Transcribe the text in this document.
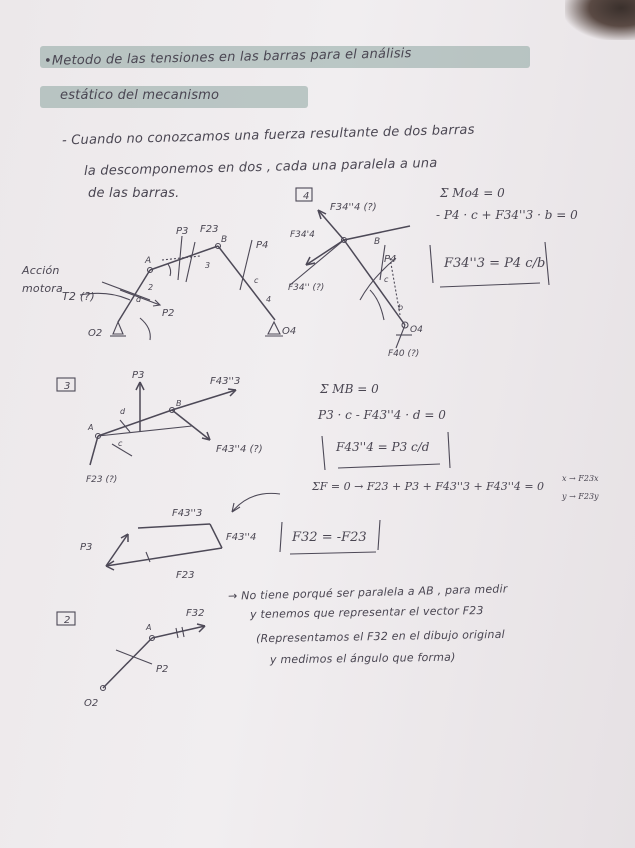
•Metodo de las tensiones en las barras para el análisis
estático del mecanismo
- Cuando no conozcamos una fuerza resultante de dos barras
la descomponemos en dos , cada una paralela a una
de las barras.
A
B
P3 F23
P4
P2
2
3
4
c
d
O2	O4
4
F34''4 (?)
F34'4
F34'' (?)
P4
B
b
c
O4
F40 (?)
3
P3
F43''3
F43''4 (?)
F23 (?)
A
B
c
d
F43''3
F43''4
P3
F23
2
F32
P2
O2
A
Acción
motora
T2 (?)
Σ Mo4 = 0
- P4 · c + F34''3 · b = 0
F34''3 = P4 c/b
Σ MB = 0
P3 · c - F43''4 · d = 0
F43''4 = P3 c/d
ΣF = 0 → F23 + P3 + F43''3 + F43''4 = 0
x → F23x
y → F23y
F32 = -F23
→ No tiene porqué ser paralela a AB , para medir
y tenemos que representar el vector F23
(Representamos el F32 en el dibujo original
y medimos el ángulo que forma)
